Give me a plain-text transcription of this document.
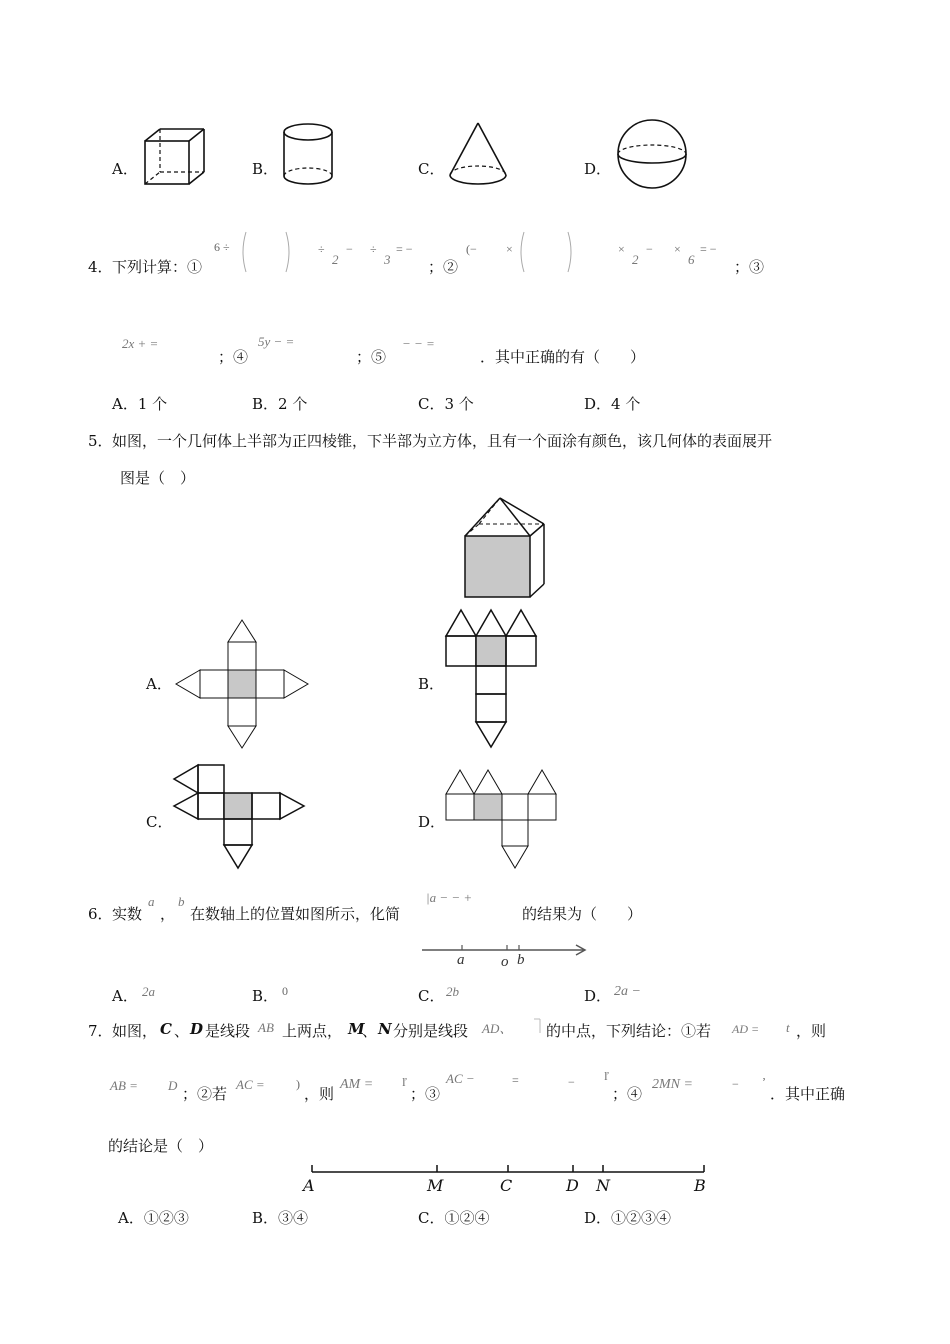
A．	B．	C．	D．
4． 下列计算：①
6 ÷	÷
2
− ÷
3
= −
；②
(− ×	×
2
− ×
6
= −
；③
2x + =
；④
5y − =
；⑤
− − =
．其中正确的有（　　）
A．1 个	B．2 个	C．3 个	D．4 个
5． 如图，一个几何体上半部为正四棱锥，下半部为立方体，且有一个面涂有颜色，该几何体的表面展开
图是（　）
A．	B．
C．	D．
6． 实数
a
，
b
在数轴上的位置如图所示，化简
|a − − +
的结果为（　　）
a o b
A． 2a	B． 0	C． 2b	D． 2a −
7． 如图， C 、 D 是线段 AB 上两点， M
、 N 分别是线段 AD、 的中点，下列结论：①若 AD = t ，则
AB = D ；②若
AC =	)
，则
AM = ľ
；③
AC −	=	− ľ
；④
2MN =	− ʼ
．其中正确
的结论是（　）
A	M	C	D N	B
A．①②③	B．③④	C．①②④	D．①②③④
